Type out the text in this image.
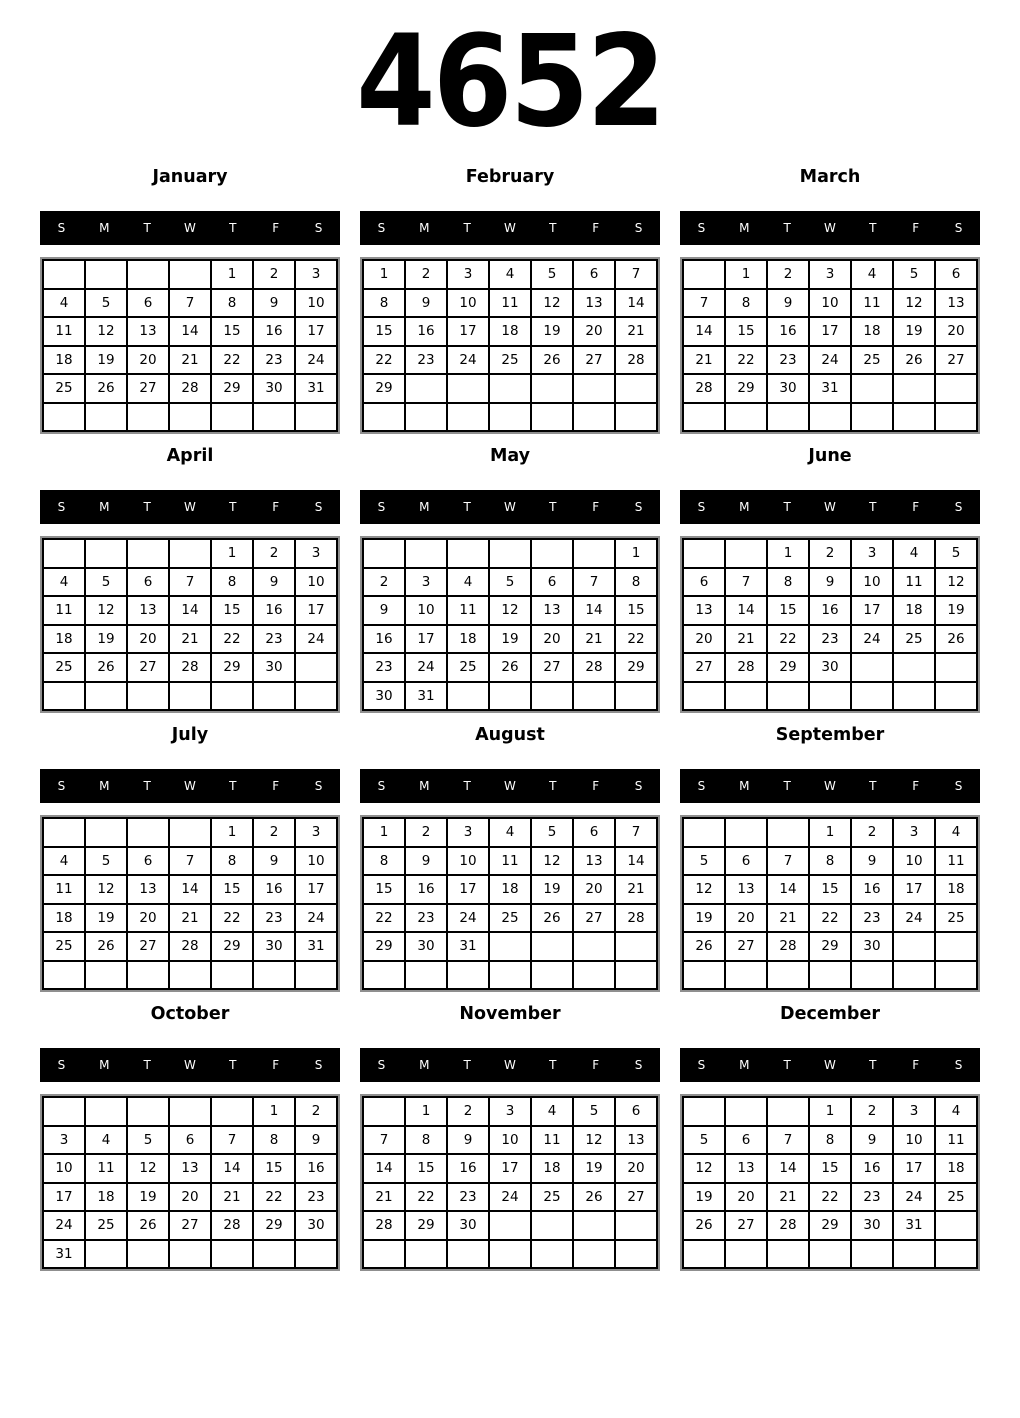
4652
January
S	M	T	W	T	F	S
				1	2	3
4	5	6	7	8	9	10
11	12	13	14	15	16	17
18	19	20	21	22	23	24
25	26	27	28	29	30	31

February
S	M	T	W	T	F	S
1	2	3	4	5	6	7
8	9	10	11	12	13	14
15	16	17	18	19	20	21
22	23	24	25	26	27	28
29						

March
S	M	T	W	T	F	S
	1	2	3	4	5	6
7	8	9	10	11	12	13
14	15	16	17	18	19	20
21	22	23	24	25	26	27
28	29	30	31			

April
S	M	T	W	T	F	S
				1	2	3
4	5	6	7	8	9	10
11	12	13	14	15	16	17
18	19	20	21	22	23	24
25	26	27	28	29	30	

May
S	M	T	W	T	F	S
						1
2	3	4	5	6	7	8
9	10	11	12	13	14	15
16	17	18	19	20	21	22
23	24	25	26	27	28	29
30	31					
June
S	M	T	W	T	F	S
		1	2	3	4	5
6	7	8	9	10	11	12
13	14	15	16	17	18	19
20	21	22	23	24	25	26
27	28	29	30			

July
S	M	T	W	T	F	S
				1	2	3
4	5	6	7	8	9	10
11	12	13	14	15	16	17
18	19	20	21	22	23	24
25	26	27	28	29	30	31

August
S	M	T	W	T	F	S
1	2	3	4	5	6	7
8	9	10	11	12	13	14
15	16	17	18	19	20	21
22	23	24	25	26	27	28
29	30	31				

September
S	M	T	W	T	F	S
			1	2	3	4
5	6	7	8	9	10	11
12	13	14	15	16	17	18
19	20	21	22	23	24	25
26	27	28	29	30		

October
S	M	T	W	T	F	S
					1	2
3	4	5	6	7	8	9
10	11	12	13	14	15	16
17	18	19	20	21	22	23
24	25	26	27	28	29	30
31						
November
S	M	T	W	T	F	S
	1	2	3	4	5	6
7	8	9	10	11	12	13
14	15	16	17	18	19	20
21	22	23	24	25	26	27
28	29	30				

December
S	M	T	W	T	F	S
			1	2	3	4
5	6	7	8	9	10	11
12	13	14	15	16	17	18
19	20	21	22	23	24	25
26	27	28	29	30	31	
